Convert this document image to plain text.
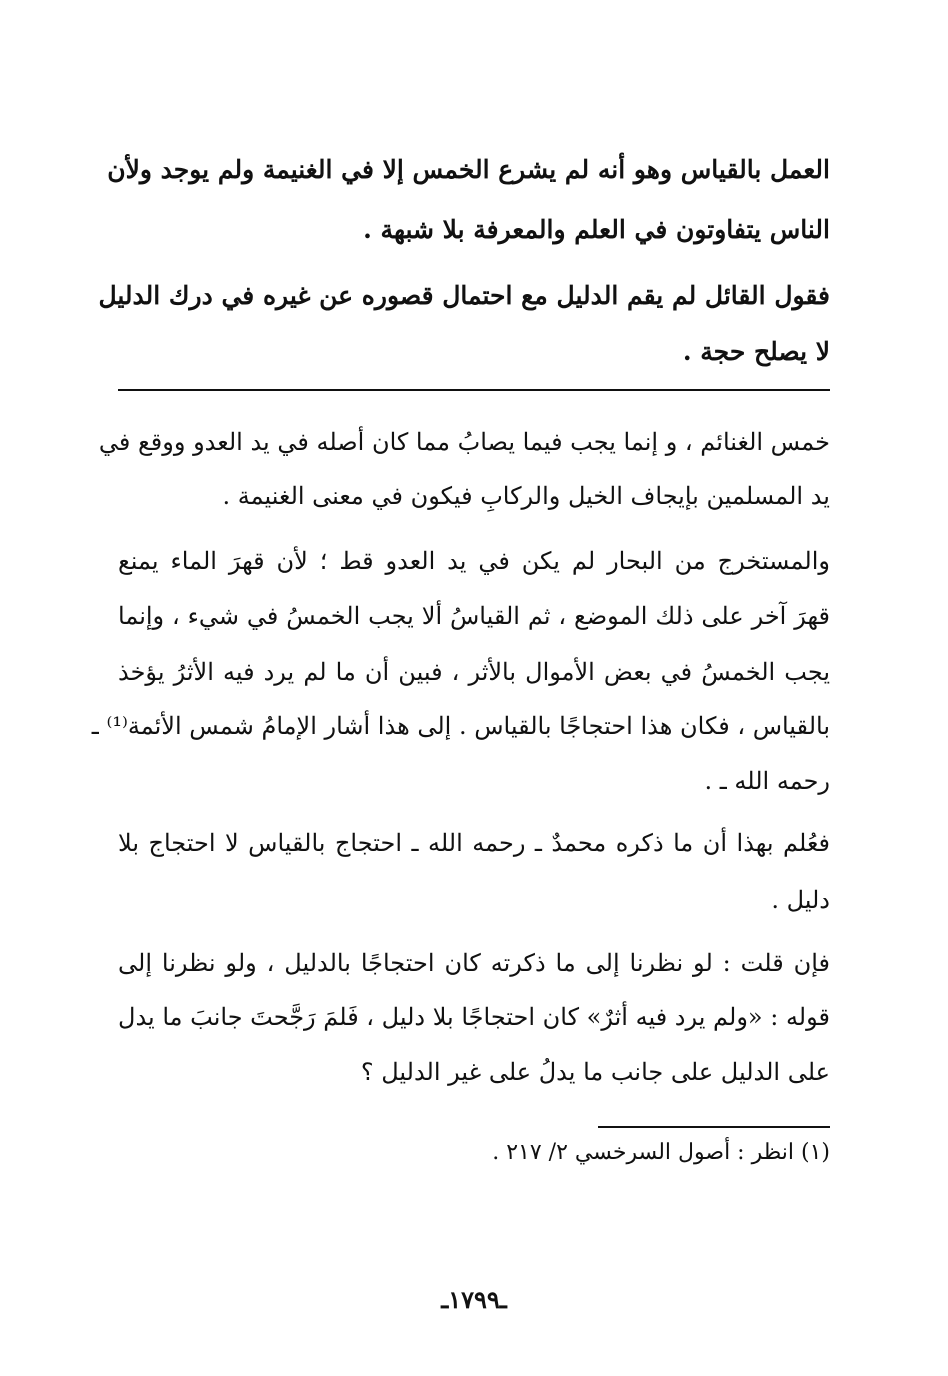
العمل بالقياس وهو أنه لم يشرع الخمس إلا في الغنيمة ولم يوجد ولأن
الناس يتفاوتون في العلم والمعرفة بلا شبهة .
فقول القائل لم يقم الدليل مع احتمال قصوره عن غيره في درك الدليل
لا يصلح حجة .
خمس الغنائم ، و إنما يجب فيما يصابُ مما كان أصله في يد العدو ووقع في
يد المسلمين بإيجاف الخيل والركابِ فيكون في معنى الغنيمة .
والمستخرج من البحار لم يكن في يد العدو قط ؛ لأن قهرَ الماء يمنع
قهرَ آخر على ذلك الموضع ، ثم القياسُ ألا يجب الخمسُ في شيء ، وإنما
يجب الخمسُ في بعض الأموال بالأثر ، فبين أن ما لم يرد فيه الأثرُ يؤخذ
بالقياس ، فكان هذا احتجاجًا بالقياس . إلى هذا أشار الإمامُ شمس الأئمة⁽¹⁾ ـ
رحمه الله ـ .
فعُلم بهذا أن ما ذكره محمدٌ ـ رحمه الله ـ احتجاج بالقياس لا احتجاج بلا
دليل .
فإن قلت : لو نظرنا إلى ما ذكرته كان احتجاجًا بالدليل ، ولو نظرنا إلى
قوله : «ولم يرد فيه أثرٌ» كان احتجاجًا بلا دليل ، فَلمَ رَجَّحتَ جانبَ ما يدل
على الدليل على جانب ما يدلُ على غير الدليل ؟
(١) انظر : أصول السرخسي ٢/ ٢١٧ .
ـ١٧٩٩ـ
